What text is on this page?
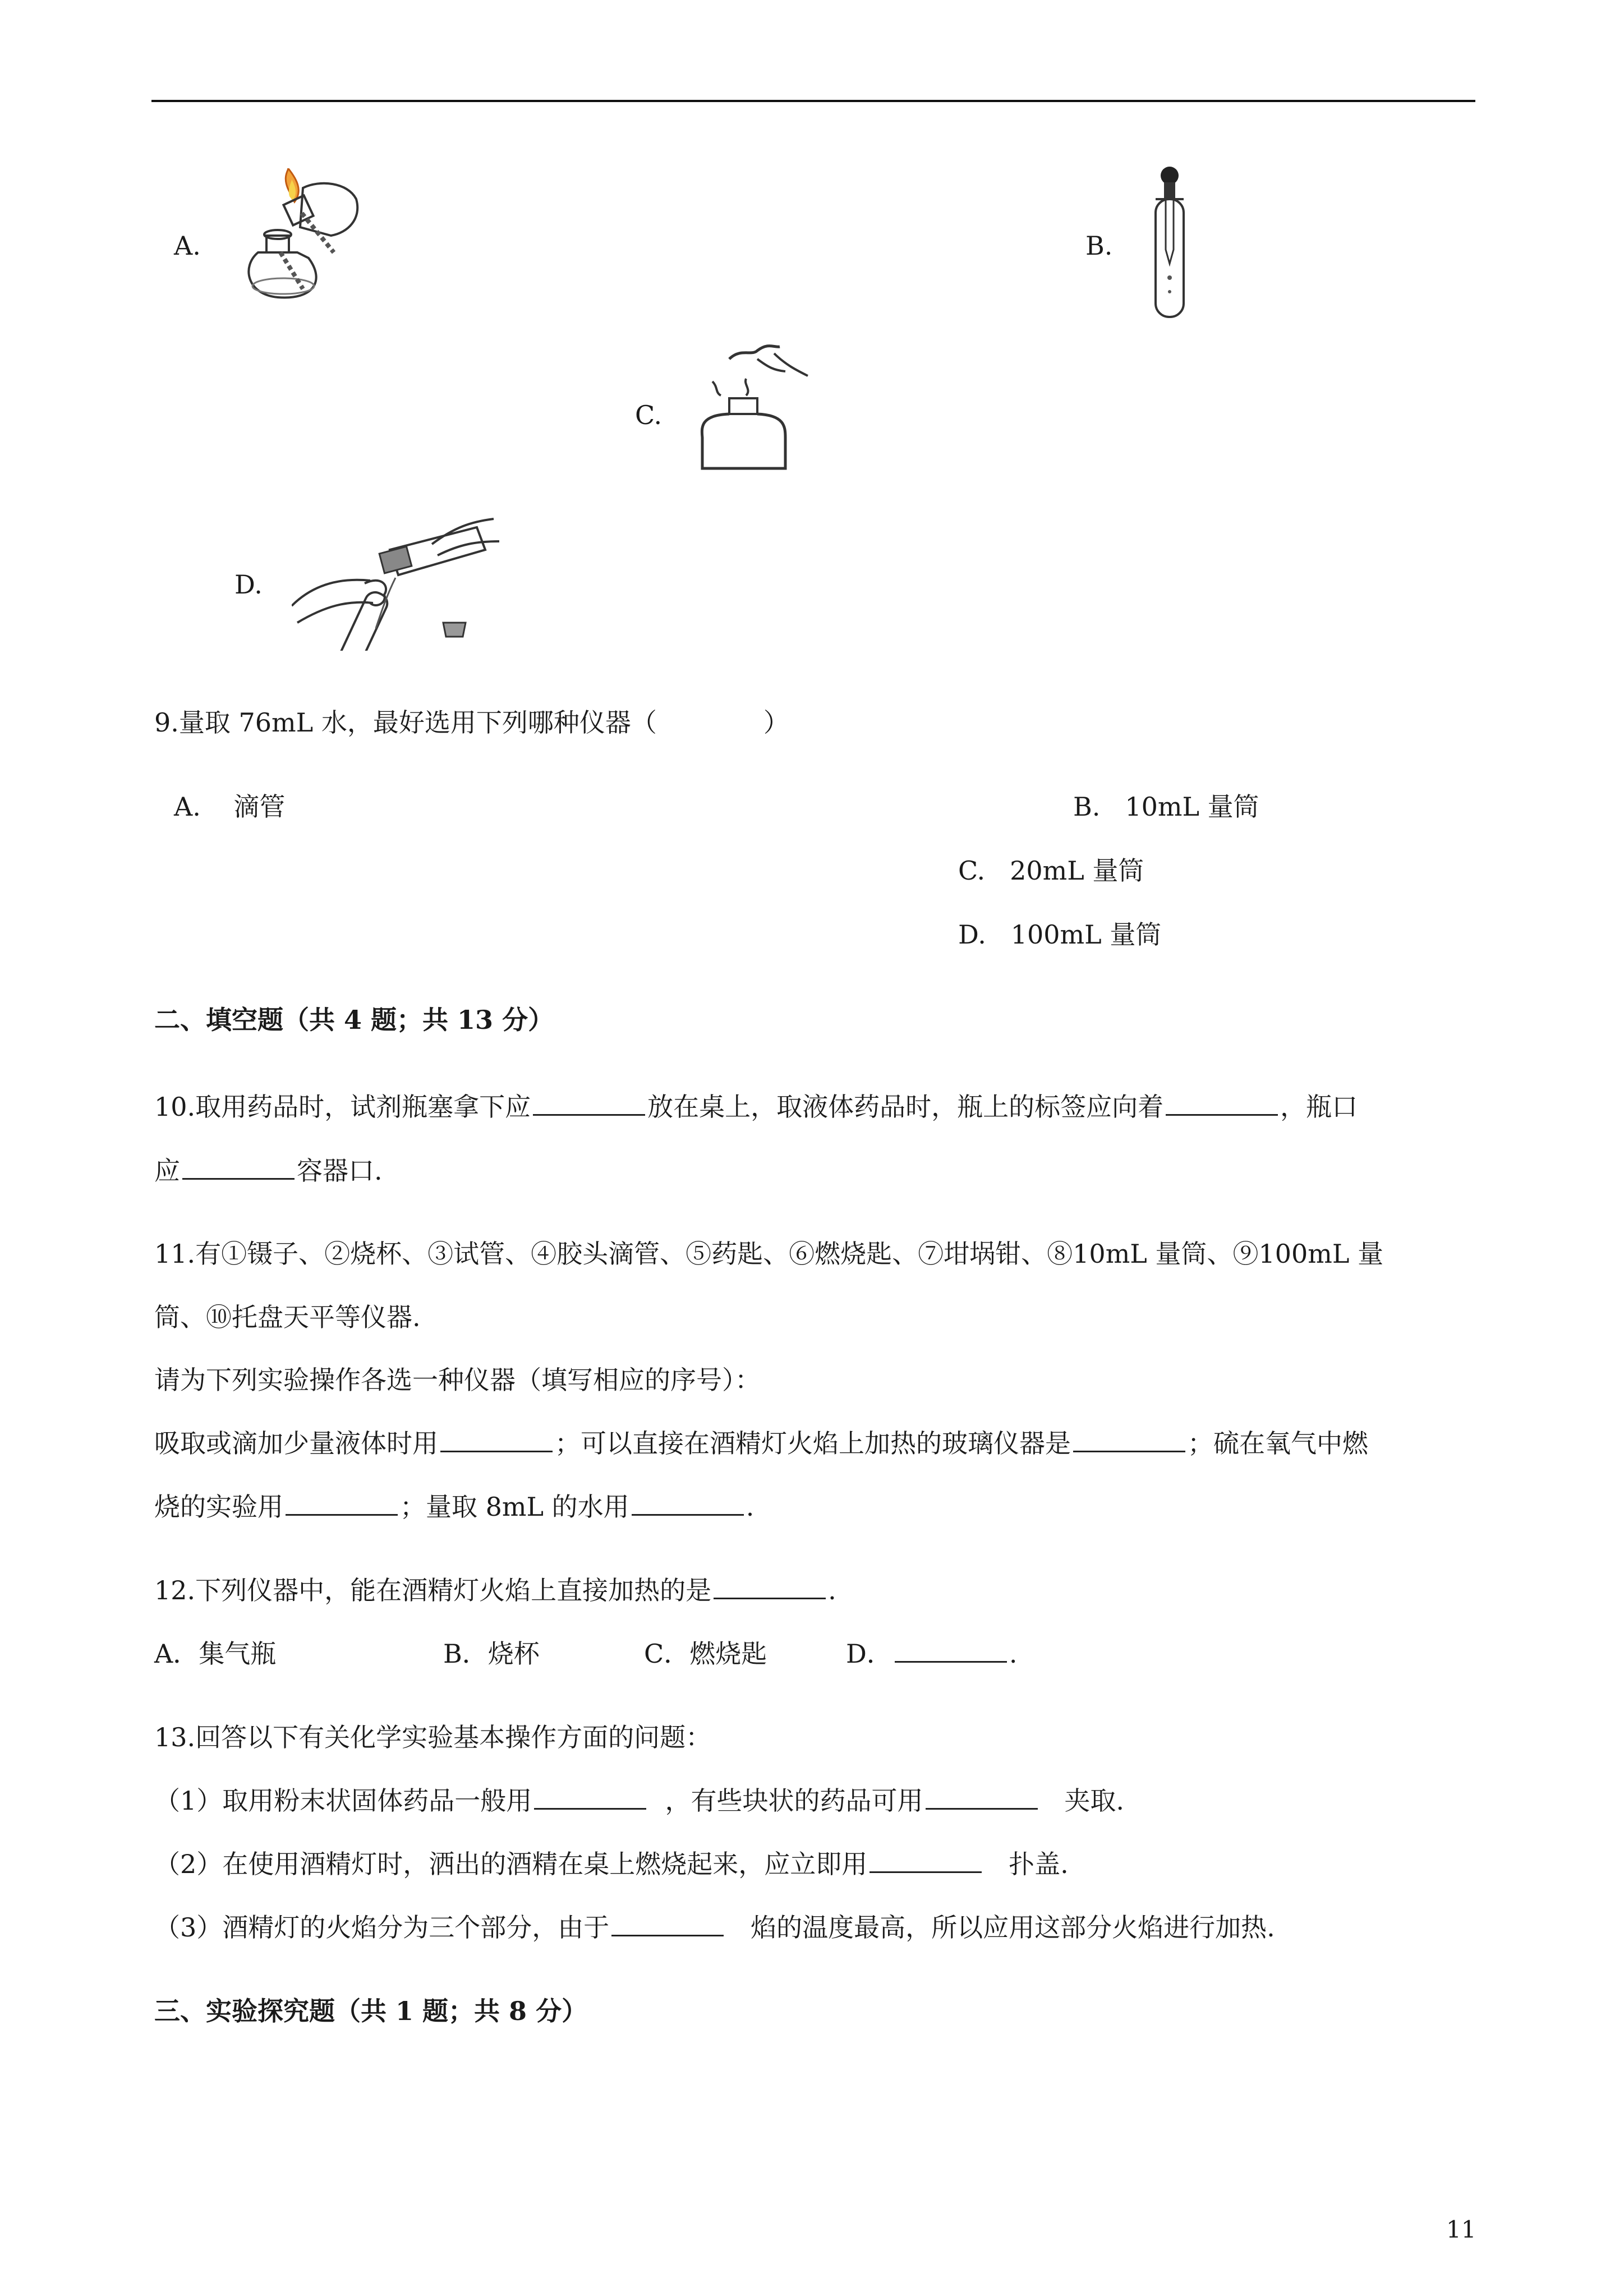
A.	B.
C.
D.
9.量取 76mL 水，最好选用下列哪种仪器（	）
A. 滴管	B. 10mL 量筒
C. 20mL 量筒
D. 100mL 量筒
二、填空题（共 4 题；共 13 分）
10.取用药品时，试剂瓶塞拿下应	放在桌上，取液体药品时，瓶上的标签应向着	，瓶口
应	容器口.
11.有①镊子、②烧杯、③试管、④胶头滴管、⑤药匙、⑥燃烧匙、⑦坩埚钳、⑧10mL 量筒、⑨100mL 量
筒、⑩托盘天平等仪器.
请为下列实验操作各选一种仪器（填写相应的序号）：
吸取或滴加少量液体时用	；可以直接在酒精灯火焰上加热的玻璃仪器是	；硫在氧气中燃
烧的实验用	；量取 8mL 的水用	.
12.下列仪器中，能在酒精灯火焰上直接加热的是	.
A．集气瓶	B．烧杯	C．燃烧匙	D．	.
13.回答以下有关化学实验基本操作方面的问题：
（1）取用粉末状固体药品一般用	，有些块状的药品可用	夹取.
（2）在使用酒精灯时，洒出的酒精在桌上燃烧起来，应立即用	扑盖.
（3）酒精灯的火焰分为三个部分，由于	焰的温度最高，所以应用这部分火焰进行加热.
三、实验探究题（共 1 题；共 8 分）
11
